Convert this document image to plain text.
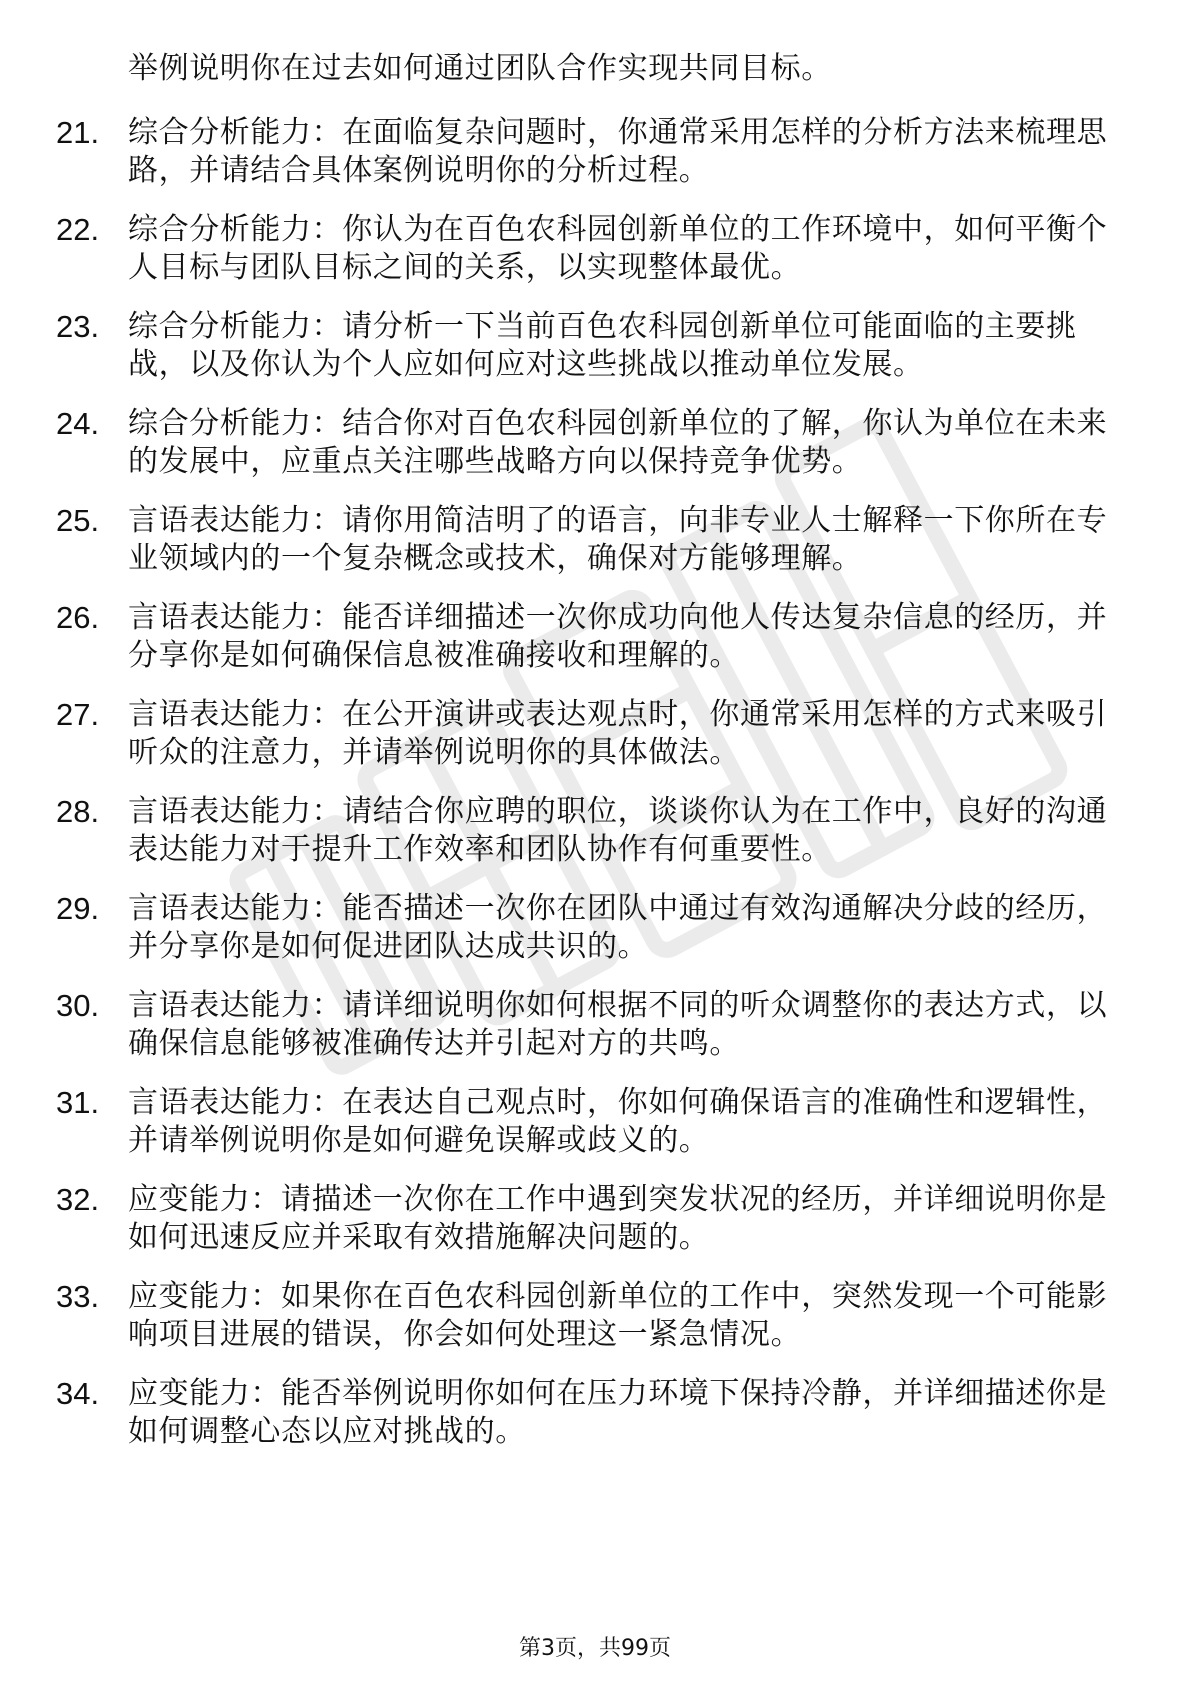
举例说明你在过去如何通过团队合作实现共同目标。
21. 综合分析能力：在面临复杂问题时，你通常采用怎样的分析方法来梳理思路，并请结合具体案例说明你的分析过程。
22. 综合分析能力：你认为在百色农科园创新单位的工作环境中，如何平衡个人目标与团队目标之间的关系，以实现整体最优。
23. 综合分析能力：请分析一下当前百色农科园创新单位可能面临的主要挑战，以及你认为个人应如何应对这些挑战以推动单位发展。
24. 综合分析能力：结合你对百色农科园创新单位的了解，你认为单位在未来的发展中，应重点关注哪些战略方向以保持竞争优势。
25. 言语表达能力：请你用简洁明了的语言，向非专业人士解释一下你所在专业领域内的一个复杂概念或技术，确保对方能够理解。
26. 言语表达能力：能否详细描述一次你成功向他人传达复杂信息的经历，并分享你是如何确保信息被准确接收和理解的。
27. 言语表达能力：在公开演讲或表达观点时，你通常采用怎样的方式来吸引听众的注意力，并请举例说明你的具体做法。
28. 言语表达能力：请结合你应聘的职位，谈谈你认为在工作中，良好的沟通表达能力对于提升工作效率和团队协作有何重要性。
29. 言语表达能力：能否描述一次你在团队中通过有效沟通解决分歧的经历，并分享你是如何促进团队达成共识的。
30. 言语表达能力：请详细说明你如何根据不同的听众调整你的表达方式，以确保信息能够被准确传达并引起对方的共鸣。
31. 言语表达能力：在表达自己观点时，你如何确保语言的准确性和逻辑性，并请举例说明你是如何避免误解或歧义的。
32. 应变能力：请描述一次你在工作中遇到突发状况的经历，并详细说明你是如何迅速反应并采取有效措施解决问题的。
33. 应变能力：如果你在百色农科园创新单位的工作中，突然发现一个可能影响项目进展的错误，你会如何处理这一紧急情况。
34. 应变能力：能否举例说明你如何在压力环境下保持冷静，并详细描述你是如何调整心态以应对挑战的。
第3页，共99页
